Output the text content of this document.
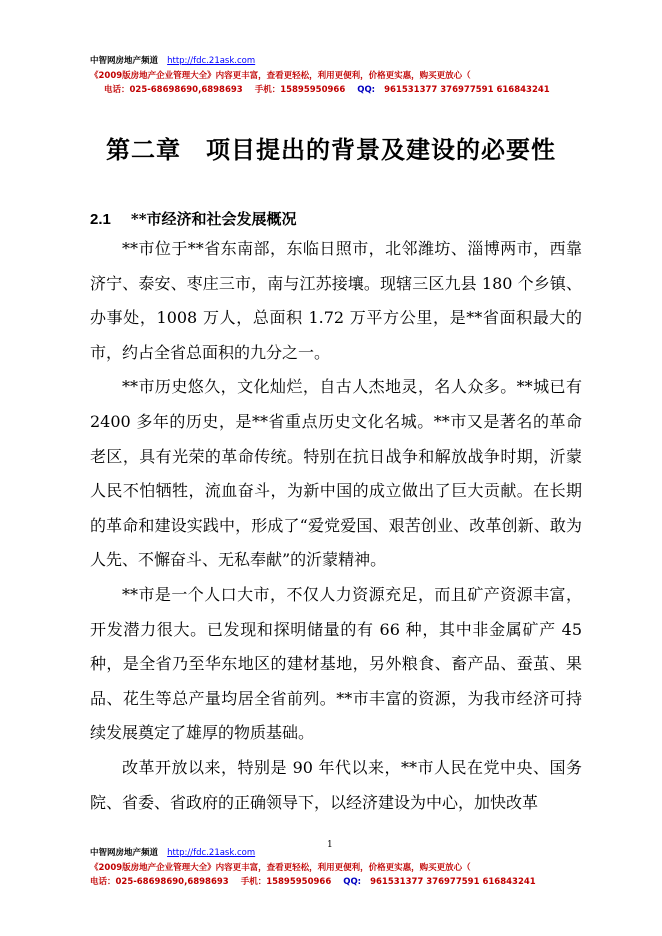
中智网房地产频道 http://fdc.21ask.com
《2009版房地产企业管理大全》内容更丰富，查看更轻松，利用更便利，价格更实惠，购买更放心（
电话：025-68698690,6898693 手机：15895950966 QQ: 961531377 376977591 616843241
第二章　项目提出的背景及建设的必要性
2.1 **市经济和社会发展概况

**市位于**省东南部，东临日照市，北邻潍坊、淄博两市，西靠济宁、泰安、枣庄三市，南与江苏接壤。现辖三区九县 180 个乡镇、办事处，1008 万人，总面积 1.72 万平方公里，是**省面积最大的市，约占全省总面积的九分之一。

**市历史悠久，文化灿烂，自古人杰地灵，名人众多。**城已有 2400 多年的历史，是**省重点历史文化名城。**市又是著名的革命老区，具有光荣的革命传统。特别在抗日战争和解放战争时期，沂蒙人民不怕牺牲，流血奋斗，为新中国的成立做出了巨大贡献。在长期的革命和建设实践中，形成了“爱党爱国、艰苦创业、改革创新、敢为人先、不懈奋斗、无私奉献”的沂蒙精神。

**市是一个人口大市，不仅人力资源充足，而且矿产资源丰富，开发潜力很大。已发现和探明储量的有 66 种，其中非金属矿产 45 种，是全省乃至华东地区的建材基地，另外粮食、畜产品、蚕茧、果品、花生等总产量均居全省前列。**市丰富的资源，为我市经济可持续发展奠定了雄厚的物质基础。

改革开放以来，特别是 90 年代以来，**市人民在党中央、国务院、省委、省政府的正确领导下，以经济建设为中心，加快改革

中智网房地产频道 http://fdc.21ask.com
《2009版房地产企业管理大全》内容更丰富，查看更轻松，利用更便利，价格更实惠，购买更放心（
电话：025-68698690,6898693 手机：15895950966 QQ: 961531377 376977591 616843241
1
